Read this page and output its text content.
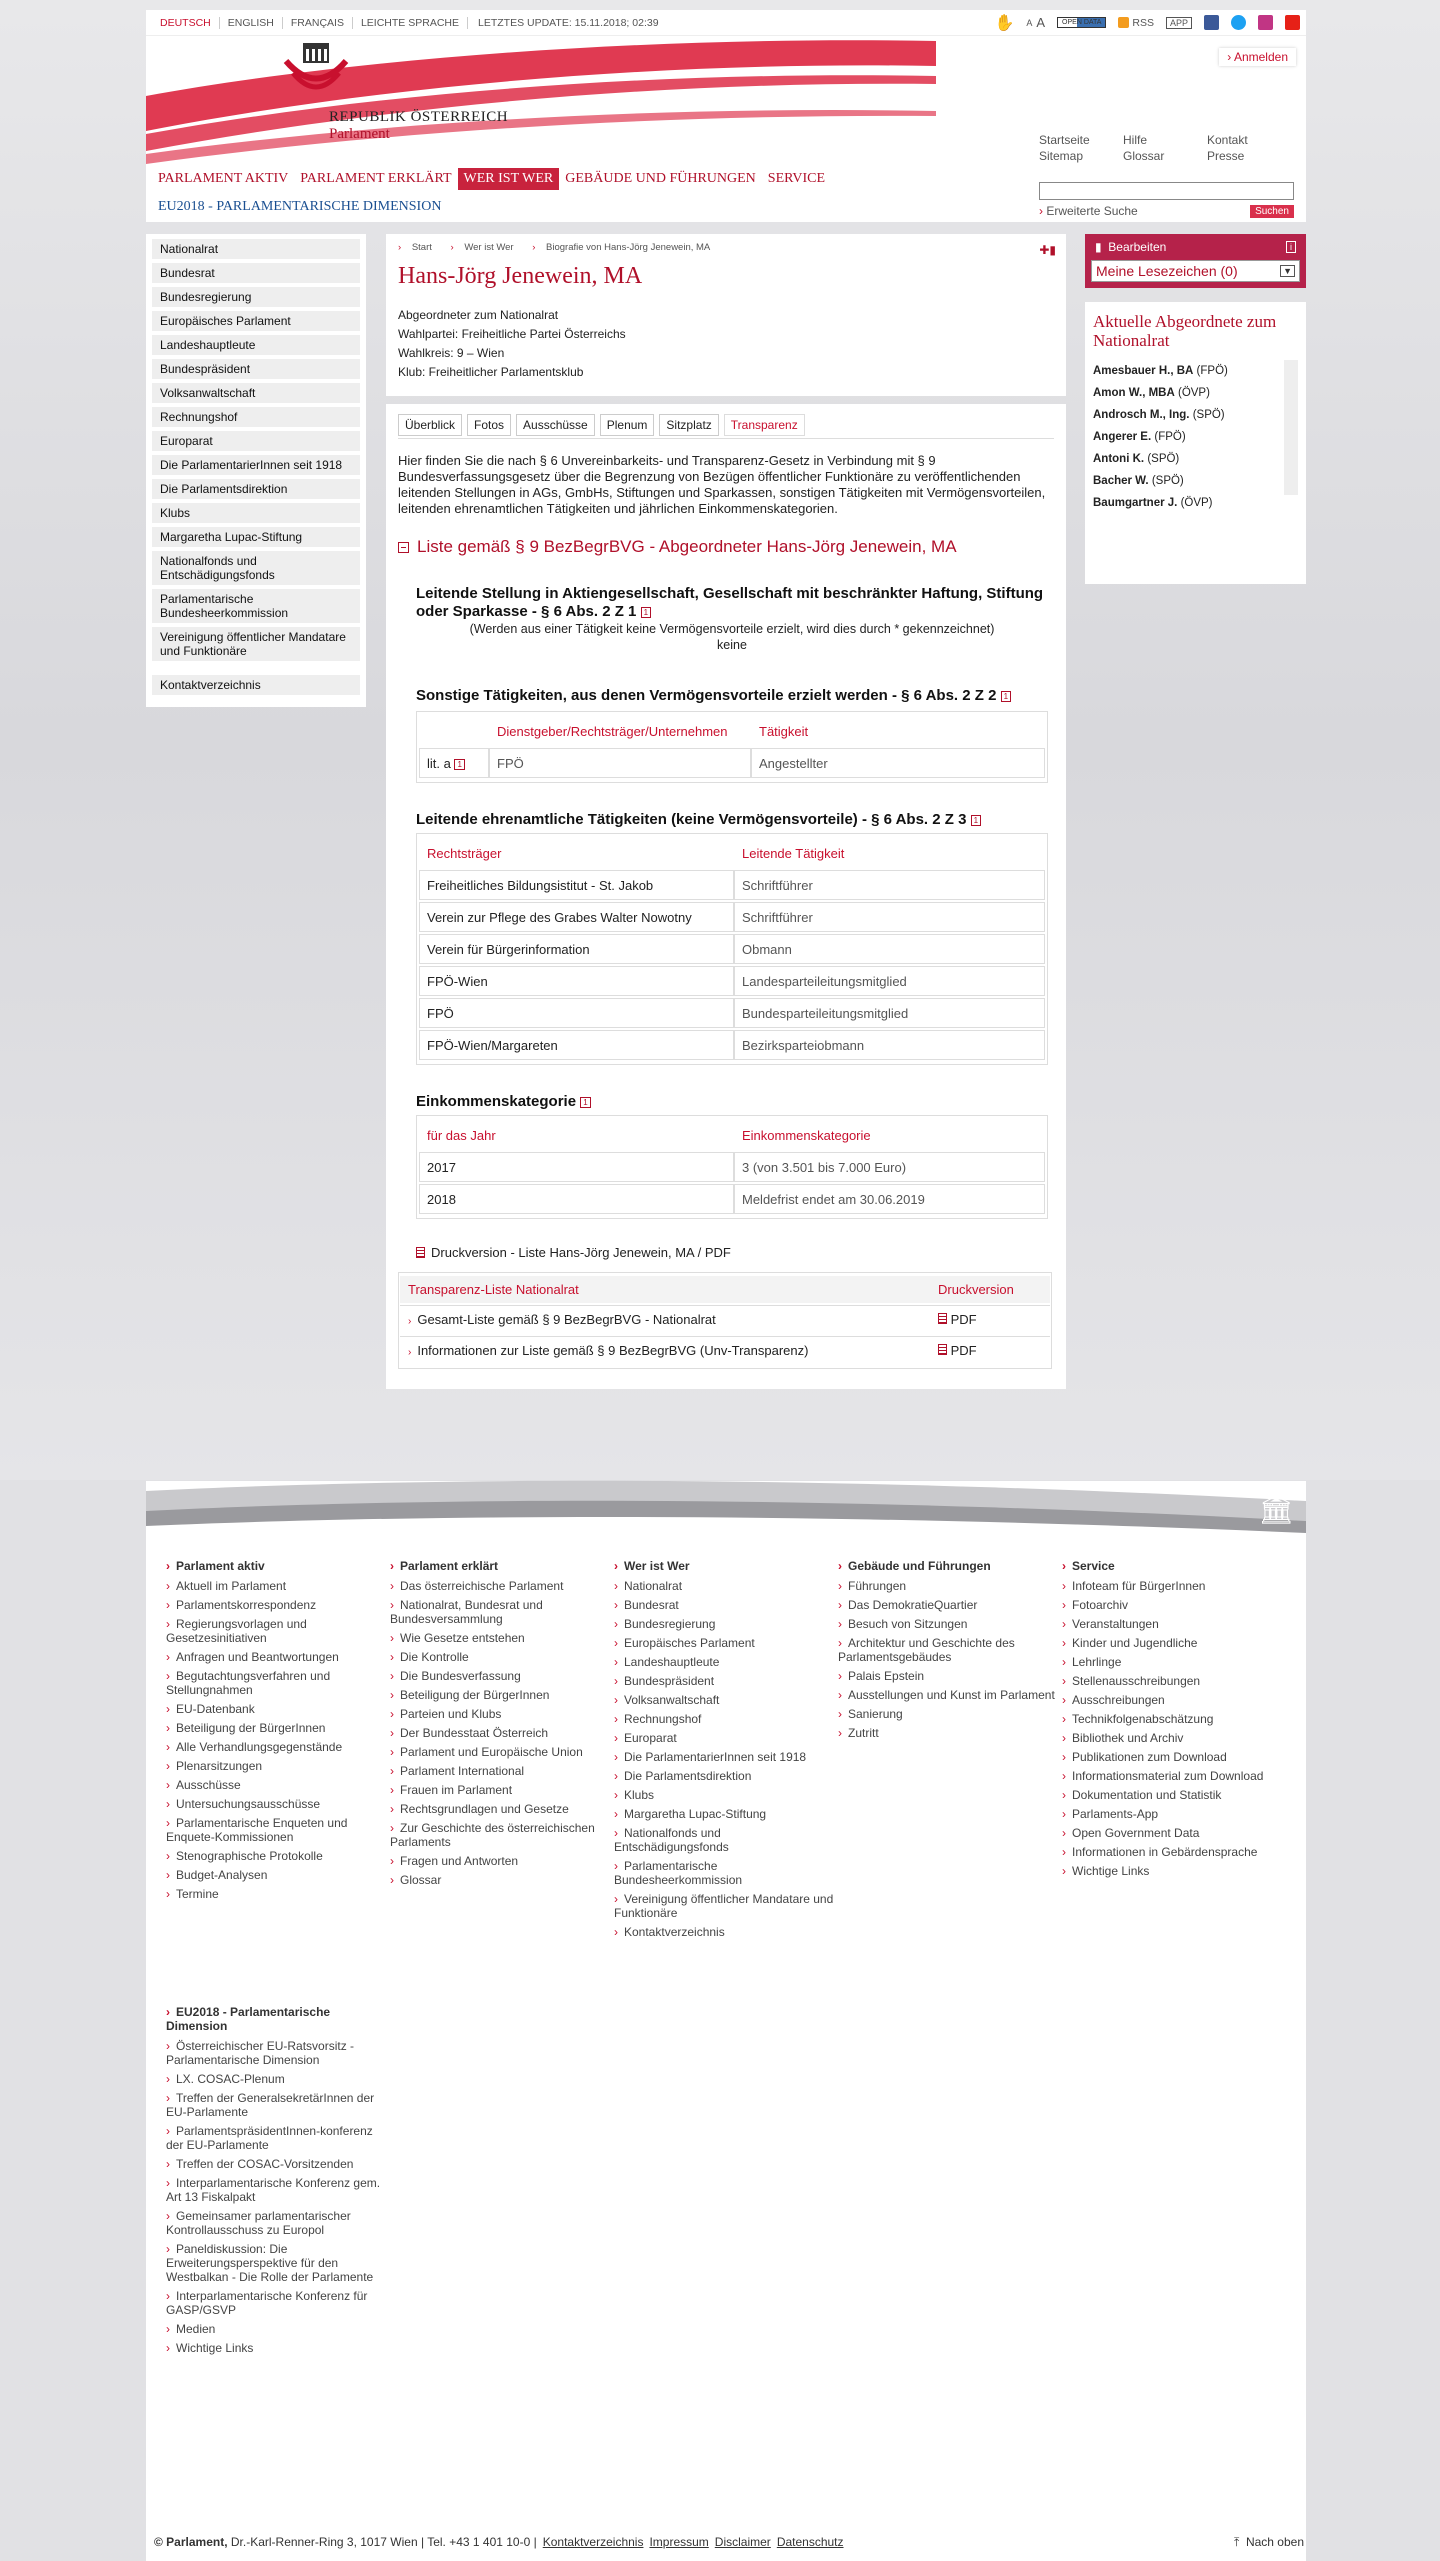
DEUTSCH	ENGLISH	FRANÇAIS	LEICHTE SPRACHE	LETZTES UPDATE: 15.11.2018; 02:39	✋ A A	OPEN DATA	RSS	APP
REPUBLIK ÖSTERREICH
Parlament
› Anmelden
Startseite	Hilfe	Kontakt
Sitemap	Glossar	Presse
PARLAMENT AKTIV PARLAMENT ERKLÄRT WER IST WER GEBÄUDE UND FÜHRUNGEN SERVICE
EU2018 - PARLAMENTARISCHE DIMENSION	› Erweiterte Suche	Suchen
Nationalrat
Bundesrat
Bundesregierung
Europäisches Parlament
Landeshauptleute
Bundespräsident
Volksanwaltschaft
Rechnungshof
Europarat
Die ParlamentarierInnen seit 1918
Die Parlamentsdirektion
Klubs
Margaretha Lupac-Stiftung
Nationalfonds und Entschädigungsfonds
Parlamentarische Bundesheerkommission
Vereinigung öffentlicher Mandatare und Funktionäre
Kontaktverzeichnis
› Start › Wer ist Wer › Biografie von Hans-Jörg Jenewein, MA	✚▮
Hans-Jörg Jenewein, MA
Abgeordneter zum Nationalrat
Wahlpartei: Freiheitliche Partei Österreichs
Wahlkreis: 9 – Wien
Klub: Freiheitlicher Parlamentsklub
Überblick	Fotos	Ausschüsse	Plenum	Sitzplatz	Transparenz

Hier finden Sie die nach § 6 Unvereinbarkeits- und Transparenz-Gesetz in Verbindung mit § 9 Bundesverfassungsgesetz über die Begrenzung von Bezügen öffentlicher Funktionäre zu veröffentlichenden leitenden Stellungen in AGs, GmbHs, Stiftungen und Sparkassen, sonstigen Tätigkeiten mit Vermögensvorteilen, leitenden ehrenamtlichen Tätigkeiten und jährlichen Einkommenskategorien.

Liste gemäß § 9 BezBegrBVG - Abgeordneter Hans-Jörg Jenewein, MA
Leitende Stellung in Aktiengesellschaft, Gesellschaft mit beschränkter Haftung, Stiftung oder Sparkasse - § 6 Abs. 2 Z 1 1
(Werden aus einer Tätigkeit keine Vermögensvorteile erzielt, wird dies durch * gekennzeichnet)
keine
Sonstige Tätigkeiten, aus denen Vermögensvorteile erzielt werden - § 6 Abs. 2 Z 2 1
	Dienstgeber/Rechtsträger/Unternehmen	Tätigkeit
lit. a 1	FPÖ	Angestellter
Leitende ehrenamtliche Tätigkeiten (keine Vermögensvorteile) - § 6 Abs. 2 Z 3 1
Rechtsträger	Leitende Tätigkeit
Freiheitliches Bildungsistitut - St. Jakob	Schriftführer
Verein zur Pflege des Grabes Walter Nowotny	Schriftführer
Verein für Bürgerinformation	Obmann
FPÖ-Wien	Landesparteileitungsmitglied
FPÖ	Bundesparteileitungsmitglied
FPÖ-Wien/Margareten	Bezirksparteiobmann
Einkommenskategorie 1
für das Jahr	Einkommenskategorie
2017	3 (von 3.501 bis 7.000 Euro)
2018	Meldefrist endet am 30.06.2019
Druckversion - Liste Hans-Jörg Jenewein, MA / PDF
Transparenz-Liste Nationalrat	Druckversion
› Gesamt-Liste gemäß § 9 BezBegrBVG - Nationalrat	PDF
› Informationen zur Liste gemäß § 9 BezBegrBVG (Unv-Transparenz)	PDF
▮ Bearbeiten	i
Meine Lesezeichen (0)	▼
Aktuelle Abgeordnete zum Nationalrat
Amesbauer H., BA (FPÖ)
Amon W., MBA (ÖVP)
Androsch M., Ing. (SPÖ)
Angerer E. (FPÖ)
Antoni K. (SPÖ)
Bacher W. (SPÖ)
Baumgartner J. (ÖVP)
🏛
› Parlament aktiv
› Aktuell im Parlament
› Parlamentskorrespondenz
› Regierungsvorlagen und Gesetzesinitiativen
› Anfragen und Beantwortungen
› Begutachtungsverfahren und Stellungnahmen
› EU-Datenbank
› Beteiligung der BürgerInnen
› Alle Verhandlungsgegenstände
› Plenarsitzungen
› Ausschüsse
› Untersuchungsausschüsse
› Parlamentarische Enqueten und Enquete-Kommissionen
› Stenographische Protokolle
› Budget-Analysen
› Termine
› Parlament erklärt
› Das österreichische Parlament
› Nationalrat, Bundesrat und Bundesversammlung
› Wie Gesetze entstehen
› Die Kontrolle
› Die Bundesverfassung
› Beteiligung der BürgerInnen
› Parteien und Klubs
› Der Bundesstaat Österreich
› Parlament und Europäische Union
› Parlament International
› Frauen im Parlament
› Rechtsgrundlagen und Gesetze
› Zur Geschichte des österreichischen Parlaments
› Fragen und Antworten
› Glossar
› Wer ist Wer
› Nationalrat
› Bundesrat
› Bundesregierung
› Europäisches Parlament
› Landeshauptleute
› Bundespräsident
› Volksanwaltschaft
› Rechnungshof
› Europarat
› Die ParlamentarierInnen seit 1918
› Die Parlamentsdirektion
› Klubs
› Margaretha Lupac-Stiftung
› Nationalfonds und Entschädigungsfonds
› Parlamentarische Bundesheerkommission
› Vereinigung öffentlicher Mandatare und Funktionäre
› Kontaktverzeichnis
› Gebäude und Führungen
› Führungen
› Das DemokratieQuartier
› Besuch von Sitzungen
› Architektur und Geschichte des Parlamentsgebäudes
› Palais Epstein
› Ausstellungen und Kunst im Parlament
› Sanierung
› Zutritt
› Service
› Infoteam für BürgerInnen
› Fotoarchiv
› Veranstaltungen
› Kinder und Jugendliche
› Lehrlinge
› Stellenausschreibungen
› Ausschreibungen
› Technikfolgenabschätzung
› Bibliothek und Archiv
› Publikationen zum Download
› Informationsmaterial zum Download
› Dokumentation und Statistik
› Parlaments-App
› Open Government Data
› Informationen in Gebärdensprache
› Wichtige Links
› EU2018 - Parlamentarische Dimension
› Österreichischer EU-Ratsvorsitz - Parlamentarische Dimension
› LX. COSAC-Plenum
› Treffen der GeneralsekretärInnen der EU-Parlamente
› ParlamentspräsidentInnen-konferenz der EU-Parlamente
› Treffen der COSAC-Vorsitzenden
› Interparlamentarische Konferenz gem. Art 13 Fiskalpakt
› Gemeinsamer parlamentarischer Kontrollausschuss zu Europol
› Paneldiskussion: Die Erweiterungsperspektive für den Westbalkan - Die Rolle der Parlamente
› Interparlamentarische Konferenz für GASP/GSVP
› Medien
› Wichtige Links
© Parlament, Dr.-Karl-Renner-Ring 3, 1017 Wien | Tel. +43 1 401 10-0 | Kontaktverzeichnis Impressum Disclaimer Datenschutz	⤒ Nach oben
